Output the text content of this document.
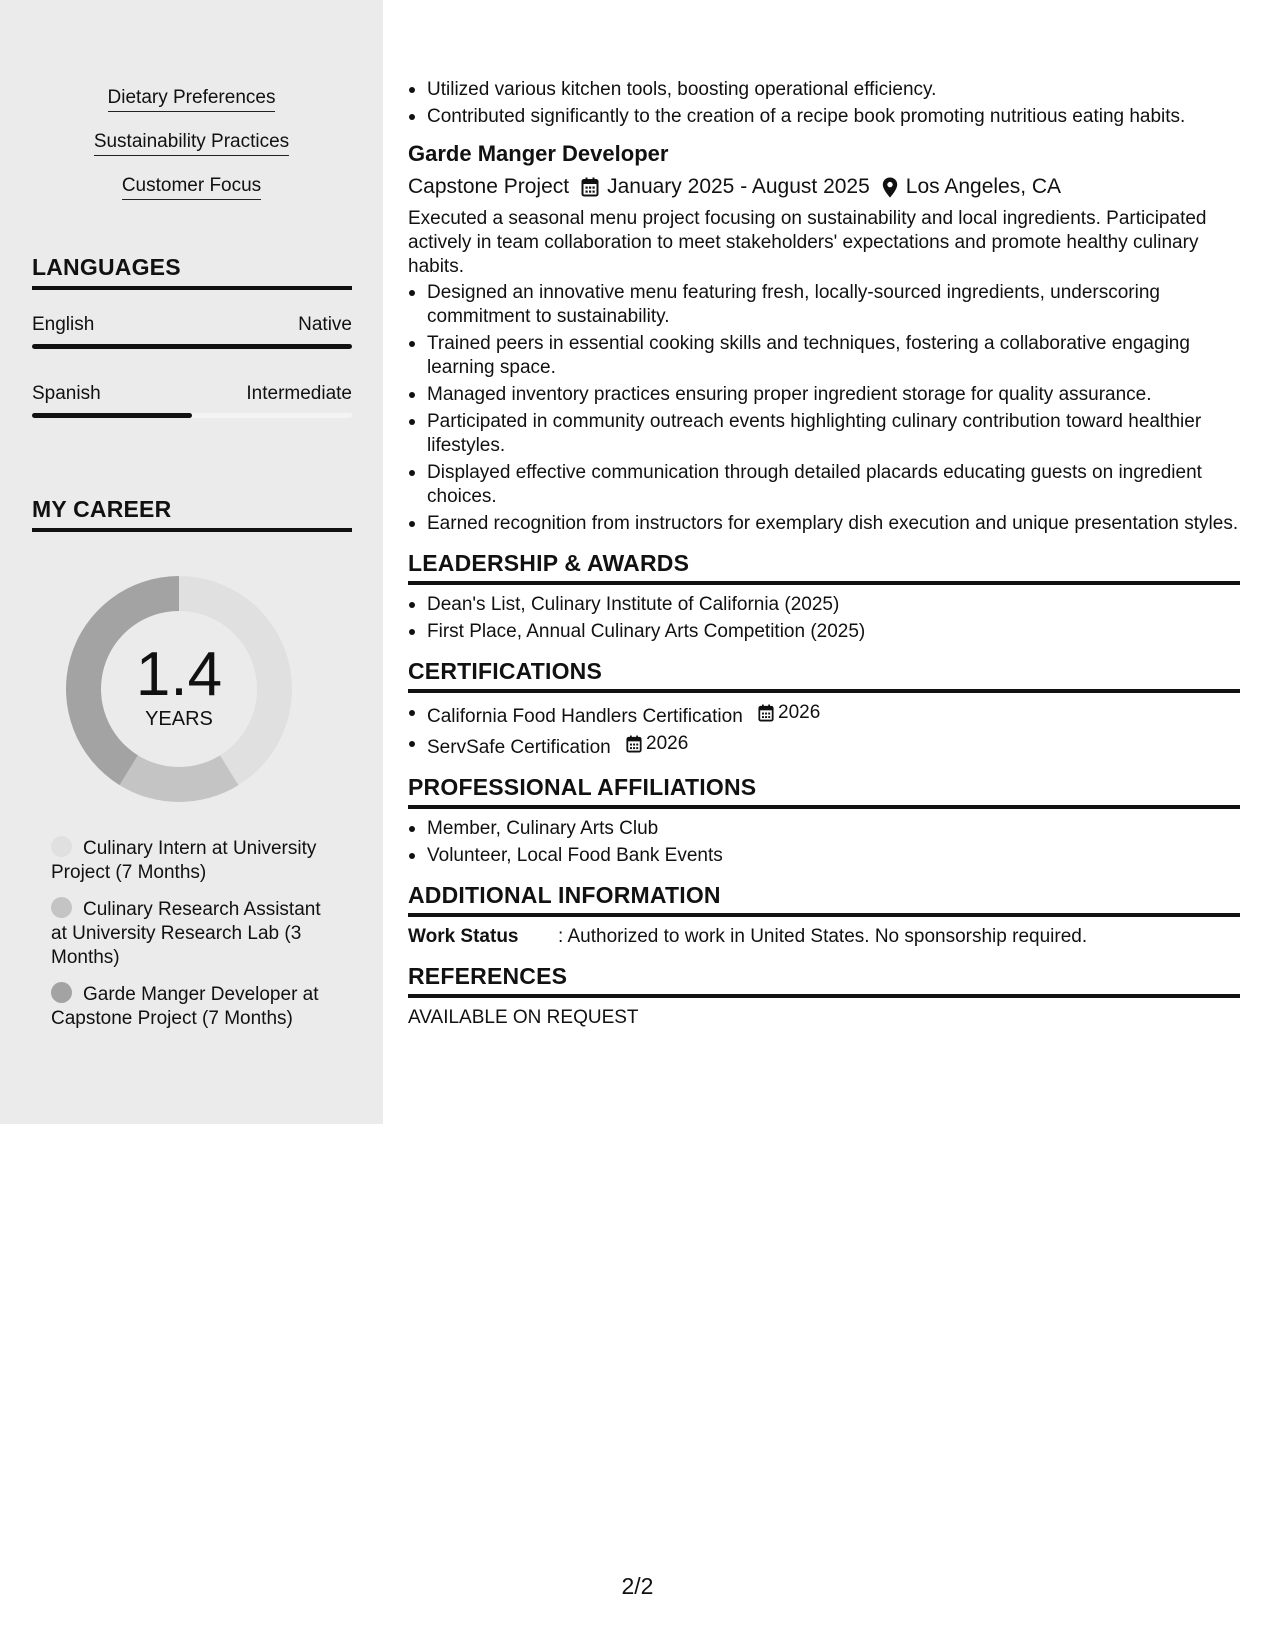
Dietary Preferences
Sustainability Practices
Customer Focus
LANGUAGES
English	Native
Spanish	Intermediate
MY CAREER
1.4
YEARS
Culinary Intern at University Project (7 Months)
Culinary Research Assistant at University Research Lab (3 Months)
Garde Manger Developer at Capstone Project (7 Months)
Utilized various kitchen tools, boosting operational efficiency.
Contributed significantly to the creation of a recipe book promoting nutritious eating habits.
Garde Manger Developer
Capstone Project January 2025 - August 2025 Los Angeles, CA
Executed a seasonal menu project focusing on sustainability and local ingredients. Participated actively in team collaboration to meet stakeholders' expectations and promote healthy culinary habits.
Designed an innovative menu featuring fresh, locally-sourced ingredients, underscoring commitment to sustainability.
Trained peers in essential cooking skills and techniques, fostering a collaborative engaging learning space.
Managed inventory practices ensuring proper ingredient storage for quality assurance.
Participated in community outreach events highlighting culinary contribution toward healthier lifestyles.
Displayed effective communication through detailed placards educating guests on ingredient choices.
Earned recognition from instructors for exemplary dish execution and unique presentation styles.
LEADERSHIP & AWARDS
Dean's List, Culinary Institute of California (2025)
First Place, Annual Culinary Arts Competition (2025)
CERTIFICATIONS
California Food Handlers Certification 2026
ServSafe Certification 2026
PROFESSIONAL AFFILIATIONS
Member, Culinary Arts Club
Volunteer, Local Food Bank Events
ADDITIONAL INFORMATION
Work Status	: Authorized to work in United States. No sponsorship required.
REFERENCES
AVAILABLE ON REQUEST
2/2
